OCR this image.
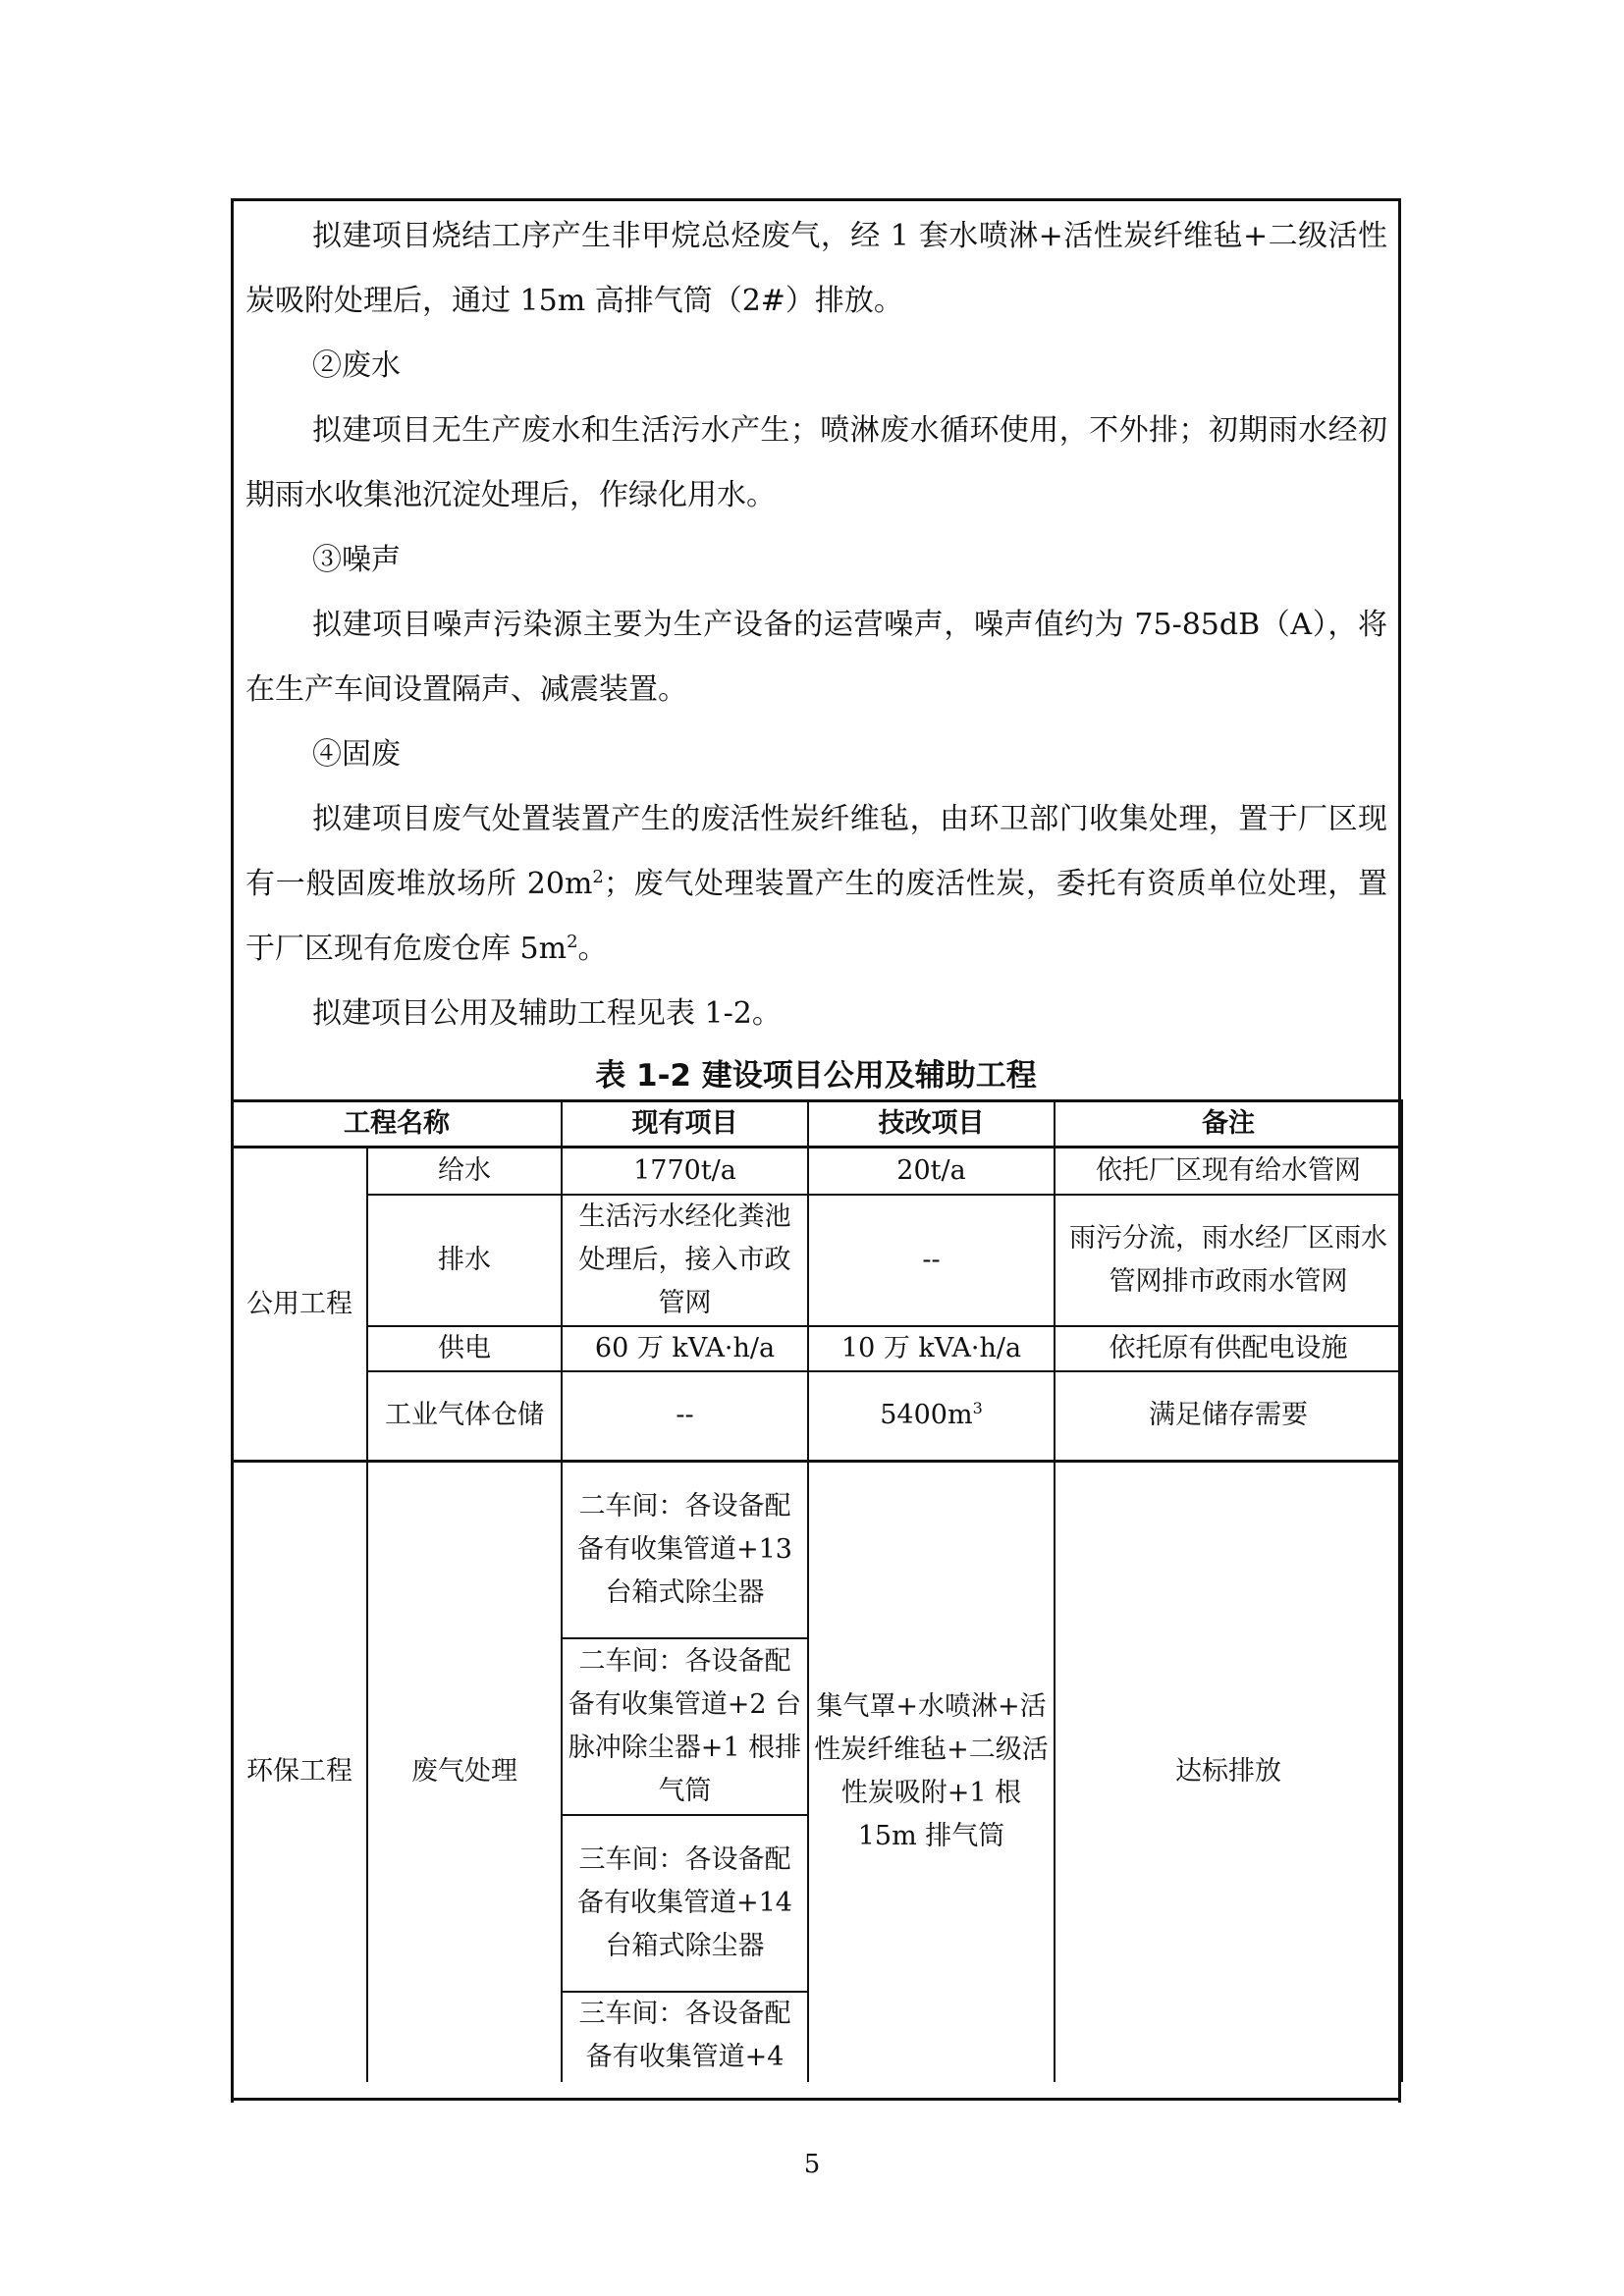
拟建项目烧结工序产生非甲烷总烃废气，经 1 套水喷淋+活性炭纤维毡+二级活性炭吸附处理后，通过 15m 高排气筒（2#）排放。

②废水

拟建项目无生产废水和生活污水产生；喷淋废水循环使用，不外排；初期雨水经初期雨水收集池沉淀处理后，作绿化用水。

③噪声

拟建项目噪声污染源主要为生产设备的运营噪声，噪声值约为 75-85dB（A），将在生产车间设置隔声、减震装置。

④固废

拟建项目废气处置装置产生的废活性炭纤维毡，由环卫部门收集处理，置于厂区现有一般固废堆放场所 $20m^2$；废气处理装置产生的废活性炭，委托有资质单位处理，置于厂区现有危废仓库 $5m^2$。

拟建项目公用及辅助工程见表 1-2。

表 1-2 建设项目公用及辅助工程
工程名称		现有项目	技改项目	备注
公用工程	给水	1770t/a	20t/a	依托厂区现有给水管网
	排水	生活污水经化粪池处理后，接入市政管网	--	雨污分流，雨水经厂区雨水管网排市政雨水管网
	供电	60 万 kVA·h/a	10 万 kVA·h/a	依托原有供配电设施
	工业气体仓储	--	$5400m^3$	满足储存需要
环保工程	废气处理	二车间：各设备配备有收集管道+13 台箱式除尘器	集气罩+水喷淋+活性炭纤维毡+二级活性炭吸附+1 根 15m 排气筒	达标排放
		二车间：各设备配备有收集管道+2 台脉冲除尘器+1 根排气筒		
		三车间：各设备配备有收集管道+14 台箱式除尘器		
		三车间：各设备配备有收集管道+4		
5
